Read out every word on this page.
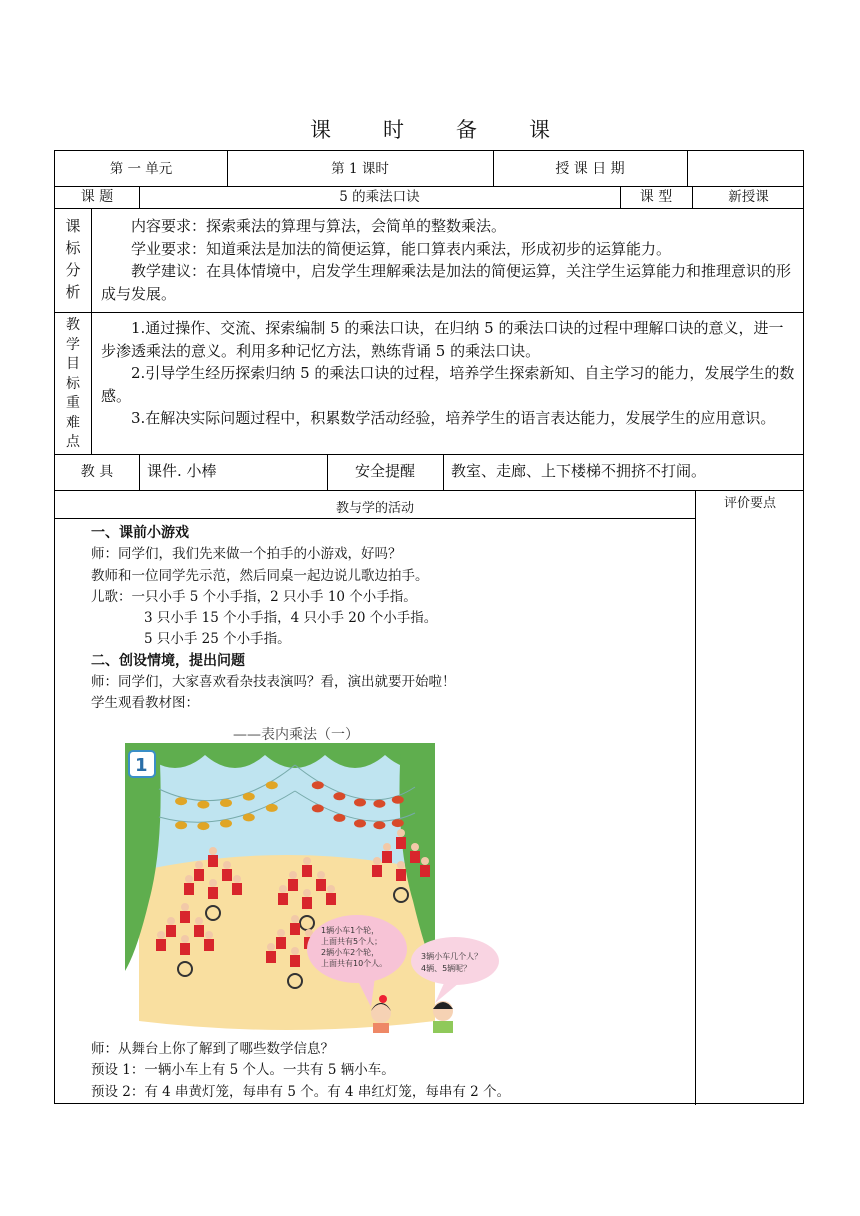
课 时 备 课
第 一 单元	第 1 课时	授 课 日 期
课 题	5 的乘法口诀	课 型	新授课
课
标
分
析

内容要求：探索乘法的算理与算法，会简单的整数乘法。

学业要求：知道乘法是加法的简便运算，能口算表内乘法，形成初步的运算能力。

教学建议：在具体情境中，启发学生理解乘法是加法的简便运算，关注学生运算能力和推理意识的形成与发展。

教
学
目
标
重
难
点

1.通过操作、交流、探索编制 5 的乘法口诀，在归纳 5 的乘法口诀的过程中理解口诀的意义，进一步渗透乘法的意义。利用多种记忆方法，熟练背诵 5 的乘法口诀。

2.引导学生经历探索归纳 5 的乘法口诀的过程，培养学生探索新知、自主学习的能力，发展学生的数感。

3.在解决实际问题过程中，积累数学活动经验，培养学生的语言表达能力，发展学生的应用意识。

教 具	课件. 小棒	安全提醒	教室、走廊、上下楼梯不拥挤不打闹。
教与学的活动	评价要点
一、课前小游戏
师：同学们，我们先来做一个拍手的小游戏，好吗？
教师和一位同学先示范，然后同桌一起边说儿歌边拍手。
儿歌：一只小手 5 个小手指，2 只小手 10 个小手指。
3 只小手 15 个小手指，4 只小手 20 个小手指。
5 只小手 25 个小手指。
二、创设情境，提出问题
师：同学们，大家喜欢看杂技表演吗？看，演出就要开始啦！
学生观看教材图：
师：从舞台上你了解到了哪些数学信息？
预设 1：一辆小车上有 5 个人。一共有 5 辆小车。
预设 2：有 4 串黄灯笼，每串有 5 个。有 4 串红灯笼，每串有 2 个。
——表内乘法（一）
1
1辆小车1个轮， 上面共有5个人； 2辆小车2个轮， 上面共有10个人。
3辆小车几个人？ 4辆、5辆呢？
